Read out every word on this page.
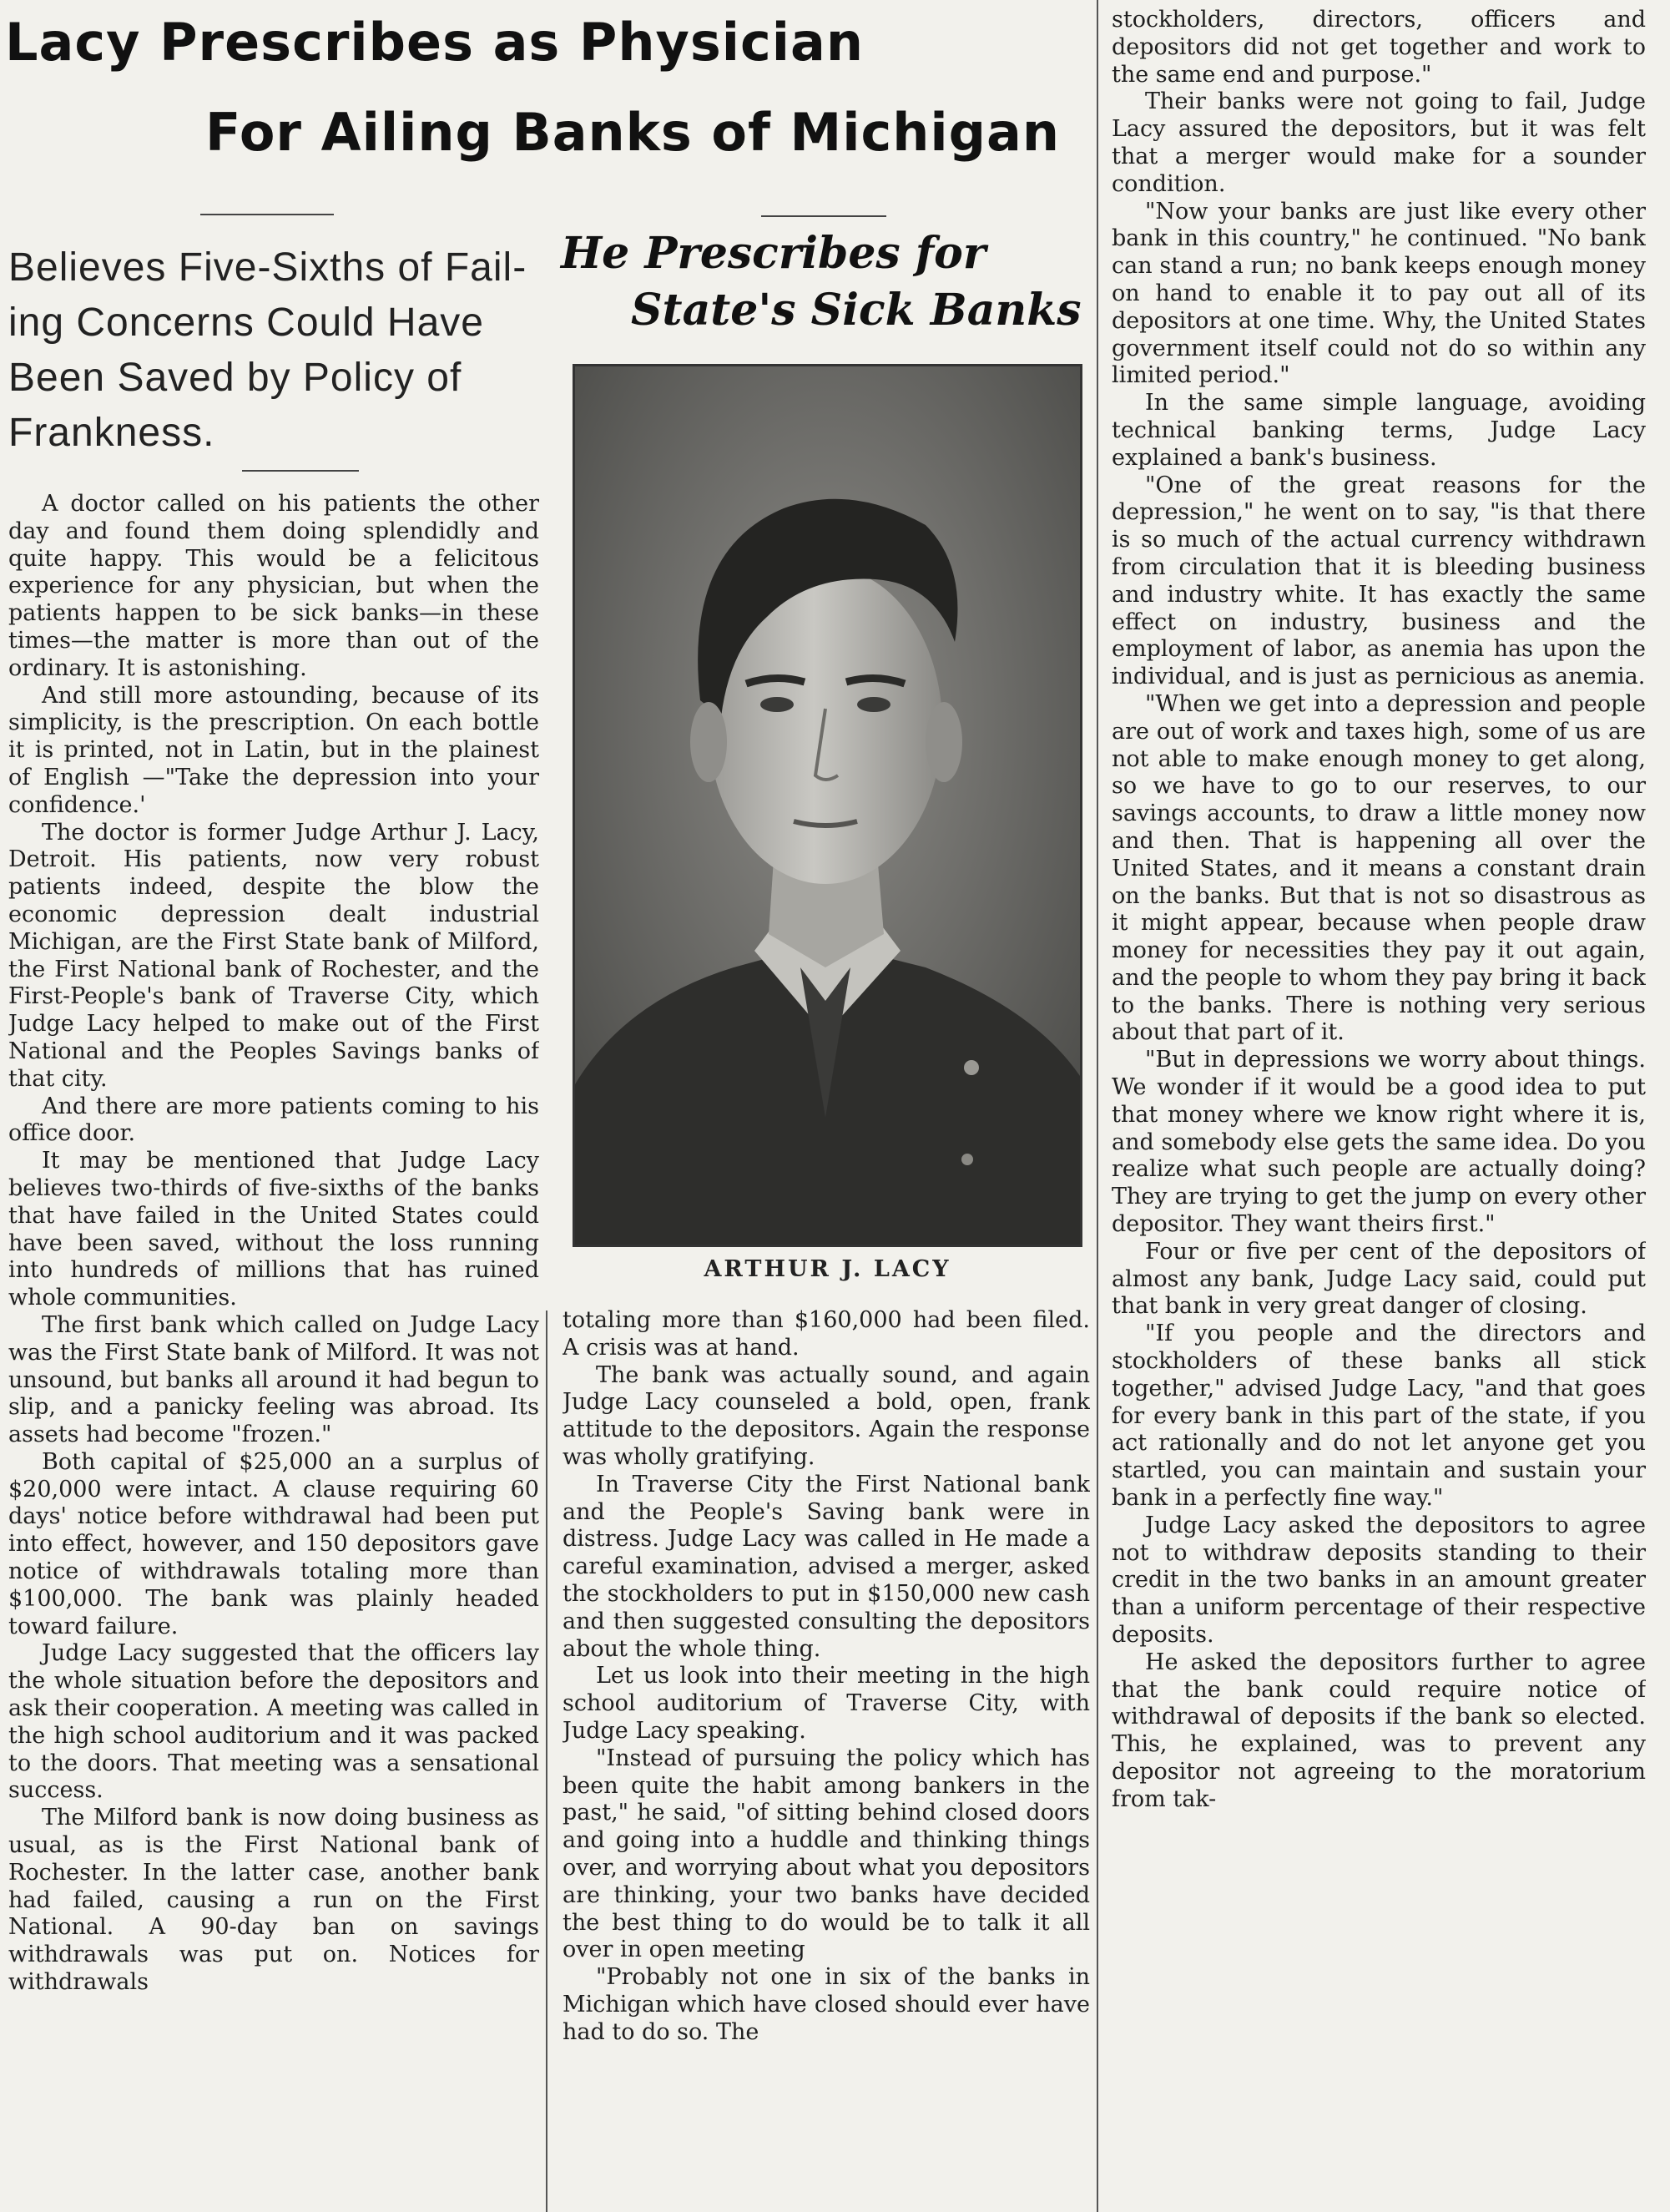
Lacy Prescribes as Physician
For Ailing Banks of Michigan
Believes Five-Sixths of Fail-
ing Concerns Could Have
Been Saved by Policy of
Frankness.
He Prescribes for
State's Sick Banks
ARTHUR J. LACY

A doctor called on his patients the other day and found them doing splendidly and quite happy. This would be a felicitous experience for any physician, but when the patients happen to be sick banks—in these times—the matter is more than out of the ordinary. It is astonishing.

And still more astounding, because of its simplicity, is the prescription. On each bottle it is printed, not in Latin, but in the plainest of English —"Take the depression into your confidence.'

The doctor is former Judge Arthur J. Lacy, Detroit. His patients, now very robust patients indeed, despite the blow the economic depression dealt industrial Michigan, are the First State bank of Milford, the First National bank of Rochester, and the First-People's bank of Traverse City, which Judge Lacy helped to make out of the First National and the Peoples Savings banks of that city.

And there are more patients coming to his office door.

It may be mentioned that Judge Lacy believes two-thirds of five-sixths of the banks that have failed in the United States could have been saved, without the loss running into hundreds of millions that has ruined whole communities.

The first bank which called on Judge Lacy was the First State bank of Milford. It was not unsound, but banks all around it had begun to slip, and a panicky feeling was abroad. Its assets had become "frozen."

Both capital of $25,000 an a surplus of $20,000 were intact. A clause requiring 60 days' notice before withdrawal had been put into effect, however, and 150 depositors gave notice of withdrawals totaling more than $100,000. The bank was plainly headed toward failure.

Judge Lacy suggested that the officers lay the whole situation before the depositors and ask their cooperation. A meeting was called in the high school auditorium and it was packed to the doors. That meeting was a sensational success.

The Milford bank is now doing business as usual, as is the First National bank of Rochester. In the latter case, another bank had failed, causing a run on the First National. A 90-day ban on savings withdrawals was put on. Notices for withdrawals

totaling more than $160,000 had been filed. A crisis was at hand.

The bank was actually sound, and again Judge Lacy counseled a bold, open, frank attitude to the depositors. Again the response was wholly gratifying.

In Traverse City the First National bank and the People's Saving bank were in distress. Judge Lacy was called in He made a careful examination, advised a merger, asked the stockholders to put in $150,000 new cash and then suggested consulting the depositors about the whole thing.

Let us look into their meeting in the high school auditorium of Traverse City, with Judge Lacy speaking.

"Instead of pursuing the policy which has been quite the habit among bankers in the past," he said, "of sitting behind closed doors and going into a huddle and thinking things over, and worrying about what you depositors are thinking, your two banks have decided the best thing to do would be to talk it all over in open meeting

"Probably not one in six of the banks in Michigan which have closed should ever have had to do so. The

stockholders, directors, officers and depositors did not get together and work to the same end and purpose."

Their banks were not going to fail, Judge Lacy assured the depositors, but it was felt that a merger would make for a sounder condition.

"Now your banks are just like every other bank in this country," he continued. "No bank can stand a run; no bank keeps enough money on hand to enable it to pay out all of its depositors at one time. Why, the United States government itself could not do so within any limited period."

In the same simple language, avoiding technical banking terms, Judge Lacy explained a bank's business.

"One of the great reasons for the depression," he went on to say, "is that there is so much of the actual currency withdrawn from circulation that it is bleeding business and industry white. It has exactly the same effect on industry, business and the employment of labor, as anemia has upon the individual, and is just as pernicious as anemia.

"When we get into a depression and people are out of work and taxes high, some of us are not able to make enough money to get along, so we have to go to our reserves, to our savings accounts, to draw a little money now and then. That is happening all over the United States, and it means a constant drain on the banks. But that is not so disastrous as it might appear, because when people draw money for necessities they pay it out again, and the people to whom they pay bring it back to the banks. There is nothing very serious about that part of it.

"But in depressions we worry about things. We wonder if it would be a good idea to put that money where we know right where it is, and somebody else gets the same idea. Do you realize what such people are actually doing? They are trying to get the jump on every other depositor. They want theirs first."

Four or five per cent of the depositors of almost any bank, Judge Lacy said, could put that bank in very great danger of closing.

"If you people and the directors and stockholders of these banks all stick together," advised Judge Lacy, "and that goes for every bank in this part of the state, if you act rationally and do not let anyone get you startled, you can maintain and sustain your bank in a perfectly fine way."

Judge Lacy asked the depositors to agree not to withdraw deposits standing to their credit in the two banks in an amount greater than a uniform percentage of their respective deposits.

He asked the depositors further to agree that the bank could require notice of withdrawal of deposits if the bank so elected. This, he explained, was to prevent any depositor not agreeing to the moratorium from tak-
